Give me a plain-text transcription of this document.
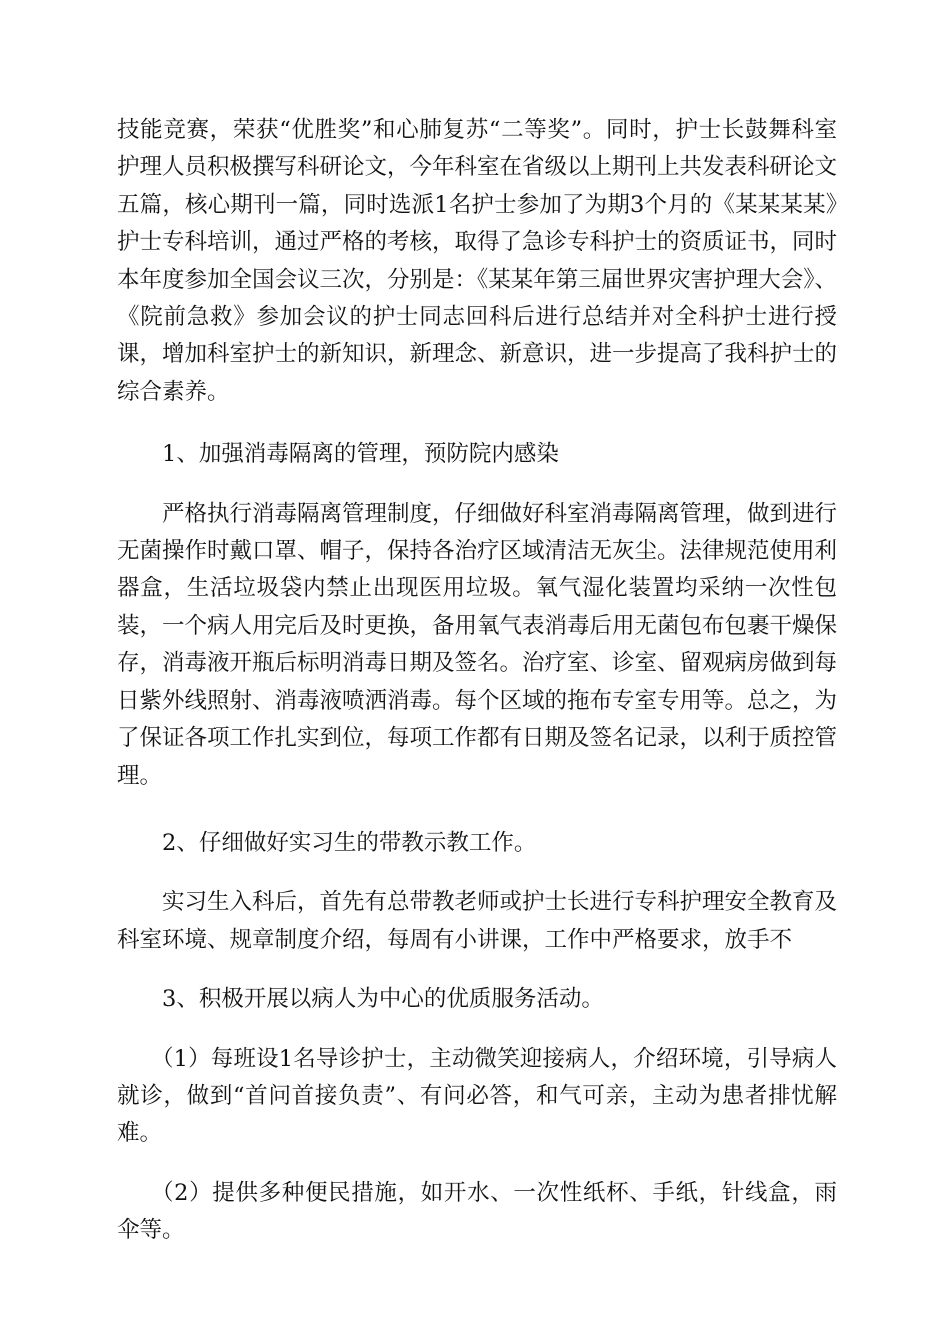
技能竞赛，荣获“优胜奖”和心肺复苏“二等奖”。同时，护士长鼓舞科室护理人员积极撰写科研论文，今年科室在省级以上期刊上共发表科研论文五篇，核心期刊一篇，同时选派1名护士参加了为期3个月的《某某某某》护士专科培训，通过严格的考核，取得了急诊专科护士的资质证书，同时本年度参加全国会议三次，分别是：《某某年第三届世界灾害护理大会》、《院前急救》参加会议的护士同志回科后进行总结并对全科护士进行授课，增加科室护士的新知识，新理念、新意识，进一步提高了我科护士的综合素养。

1、加强消毒隔离的管理，预防院内感染

严格执行消毒隔离管理制度，仔细做好科室消毒隔离管理，做到进行无菌操作时戴口罩、帽子，保持各治疗区域清洁无灰尘。法律规范使用利器盒，生活垃圾袋内禁止出现医用垃圾。氧气湿化装置均采纳一次性包装，一个病人用完后及时更换，备用氧气表消毒后用无菌包布包裹干燥保存，消毒液开瓶后标明消毒日期及签名。治疗室、诊室、留观病房做到每日紫外线照射、消毒液喷洒消毒。每个区域的拖布专室专用等。总之，为了保证各项工作扎实到位，每项工作都有日期及签名记录，以利于质控管理。

2、仔细做好实习生的带教示教工作。

实习生入科后，首先有总带教老师或护士长进行专科护理安全教育及科室环境、规章制度介绍，每周有小讲课，工作中严格要求，放手不

3、积极开展以病人为中心的优质服务活动。

（1）每班设1名导诊护士，主动微笑迎接病人，介绍环境，引导病人就诊，做到“首问首接负责”、有问必答，和气可亲，主动为患者排忧解难。

（2）提供多种便民措施，如开水、一次性纸杯、手纸，针线盒，雨伞等。
